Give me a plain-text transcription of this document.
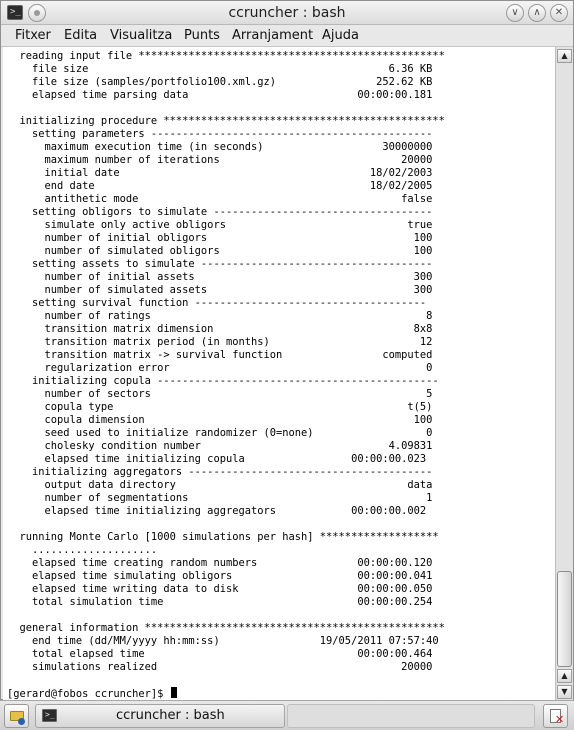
>_	ccruncher : bash	∨	∧	✕
Fitxer Edita Visualitza Punts Arranjament Ajuda
reading input file *************************************************
file size                                                6.36 KB
file size (samples/portfolio100.xml.gz)                252.62 KB
elapsed time parsing data                           00:00:00.181
initializing procedure *********************************************
setting parameters ---------------------------------------------
maximum execution time (in seconds)                   30000000
maximum number of iterations                             20000
initial date                                        18/02/2003
end date                                            18/02/2005
antithetic mode                                          false
setting obligors to simulate -----------------------------------
simulate only active obligors                             true
number of initial obligors                                 100
number of simulated obligors                               100
setting assets to simulate -------------------------------------
number of initial assets                                   300
number of simulated assets                                 300
setting survival function -------------------------------------
number of ratings                                            8
transition matrix dimension                                8x8
transition matrix period (in months)                        12
transition matrix -> survival function                computed
regularization error                                         0
initializing copula ---------------------------------------------
number of sectors                                            5
copula type                                               t(5)
copula dimension                                           100
seed used to initialize randomizer (0=none)                  0
cholesky condition number                              4.09831
elapsed time initializing copula                 00:00:00.023
initializing aggregators ---------------------------------------
output data directory                                     data
number of segmentations                                      1
elapsed time initializing aggregators            00:00:00.002
running Monte Carlo [1000 simulations per hash] *******************
....................
elapsed time creating random numbers                00:00:00.120
elapsed time simulating obligors                    00:00:00.041
elapsed time writing data to disk                   00:00:00.050
total simulation time                               00:00:00.254
general information ************************************************
end time (dd/MM/yyyy hh:mm:ss)                19/05/2011 07:57:40
total elapsed time                                  00:00:00.464
simulations realized                                       20000
[gerard@fobos ccruncher]$
▲
▲
▼
>_	ccruncher : bash	✕
